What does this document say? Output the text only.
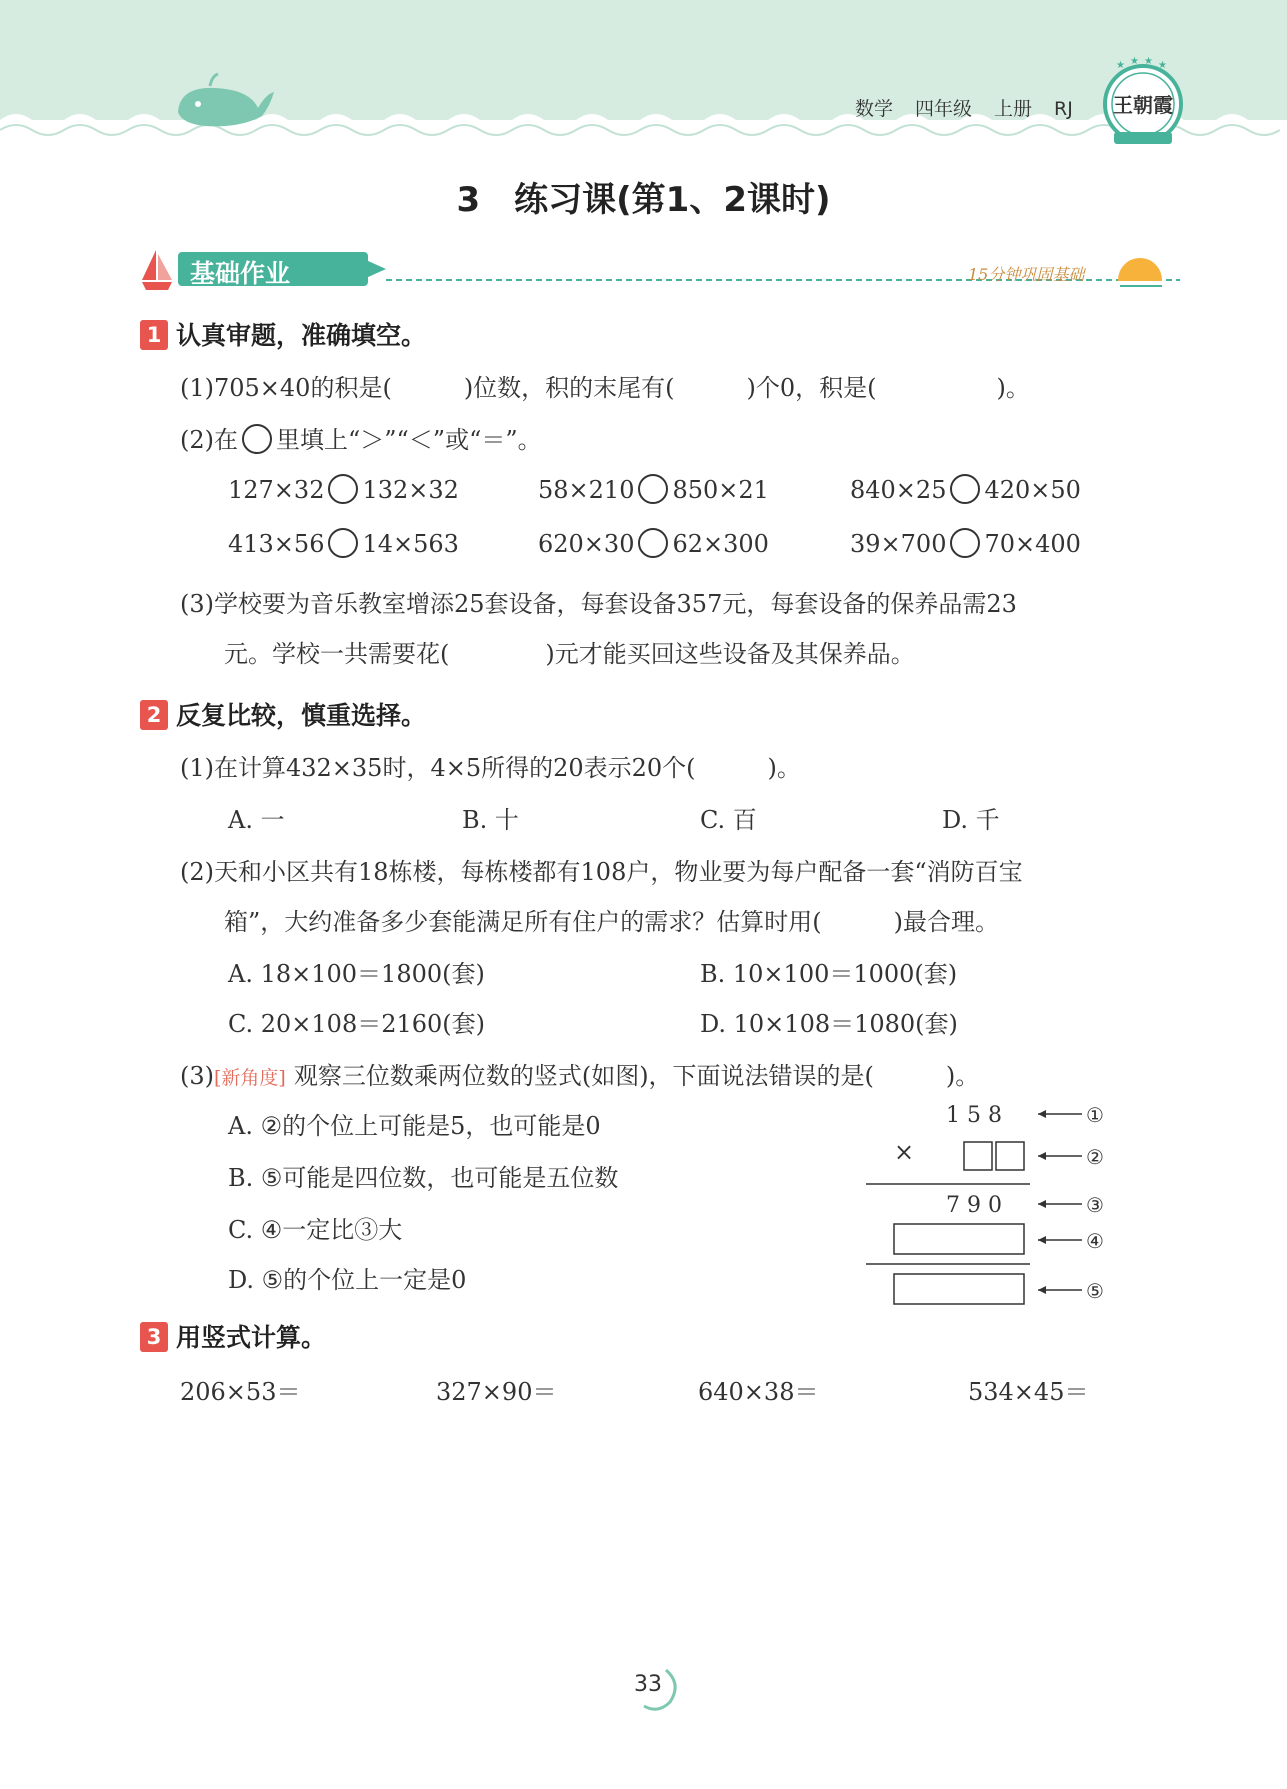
数学 四年级 上册 RJ
★ ★ ★ ★
王朝霞
3　练习课(第1、2课时)
基础作业	15分钟巩固基础
1 认真审题，准确填空。
(1)705×40的积是(　　　)位数，积的末尾有(　　　)个0，积是(　　　　　)。
(2)在 里填上“＞”“＜”或“＝”。
127×32 132×32	58×210 850×21	840×25 420×50
413×56 14×563	620×30 62×300	39×700 70×400
(3)学校要为音乐教室增添25套设备，每套设备357元，每套设备的保养品需23
元。学校一共需要花(　　　　)元才能买回这些设备及其保养品。
2 反复比较，慎重选择。
(1)在计算432×35时，4×5所得的20表示20个(　　　)。
A. 一	B. 十	C. 百	D. 千
(2)天和小区共有18栋楼，每栋楼都有108户，物业要为每户配备一套“消防百宝
箱”，大约准备多少套能满足所有住户的需求？估算时用(　　　)最合理。
A. 18×100＝1800(套)	B. 10×100＝1000(套)
C. 20×108＝2160(套)	D. 10×108＝1080(套)
(3)[新角度] 观察三位数乘两位数的竖式(如图)，下面说法错误的是(　　　)。
A. ②的个位上可能是5，也可能是0
B. ⑤可能是四位数，也可能是五位数
C. ④一定比③大
D. ⑤的个位上一定是0
1 5 8	①
×	②
7 9 0	③
④
⑤
3 用竖式计算。
206×53＝	327×90＝	640×38＝	534×45＝
33
